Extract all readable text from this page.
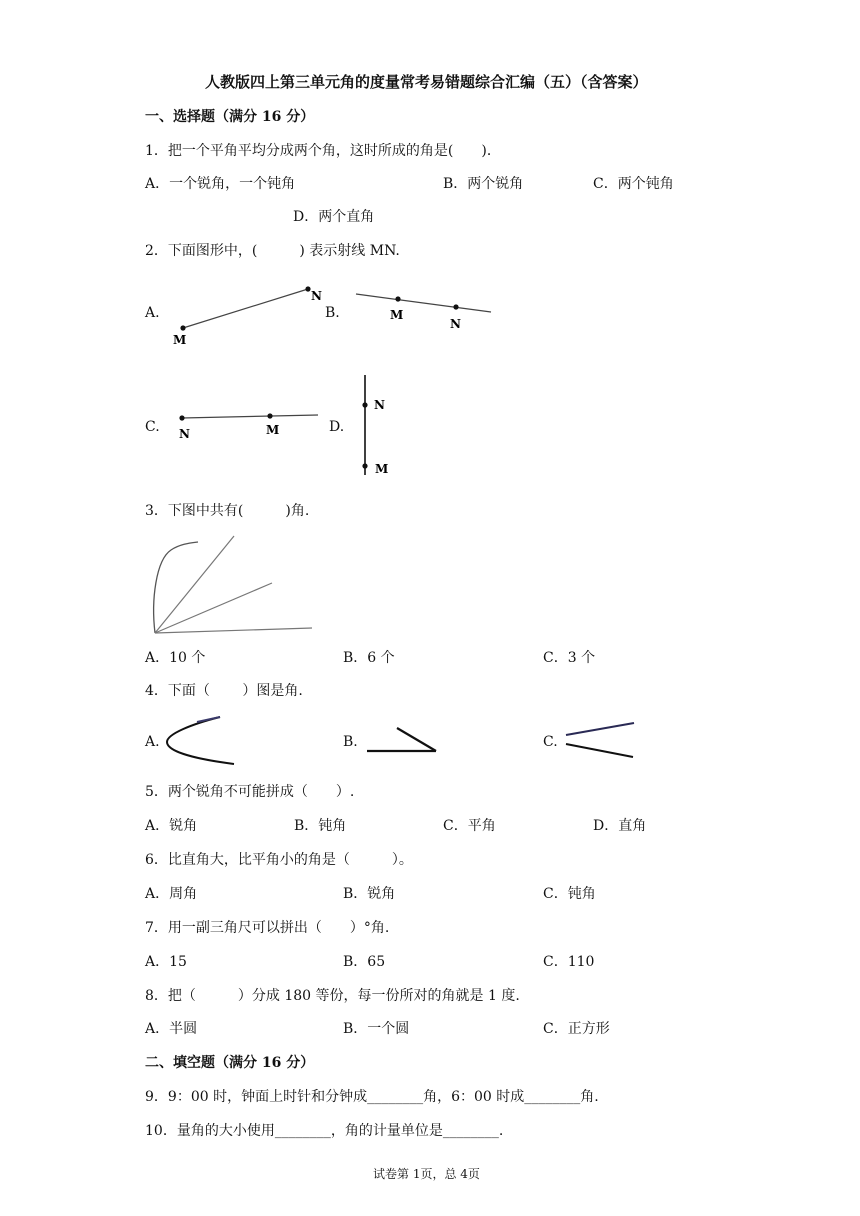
人教版四上第三单元角的度量常考易错题综合汇编（五）（含答案）
一、选择题（满分 16 分）
1．把一个平角平均分成两个角，这时所成的角是(　　)．
A．一个锐角，一个钝角	B．两个锐角	C．两个钝角
D．两个直角
2．下面图形中，(　　　) 表示射线 MN.
A.
M
N
B.	M
N
C. N	M	D.
N
M
3．下图中共有(　　　)角.
A．10 个	B．6 个	C．3 个
4．下面（　　 ）图是角.
A.	B.	C.
5．两个锐角不可能拼成（　　）.
A．锐角	B．钝角	C．平角	D．直角
6．比直角大，比平角小的角是（　　　）。
A．周角	B．锐角	C．钝角
7．用一副三角尺可以拼出（　　）°角.
A．15	B．65	C．110
8．把（　　　）分成 180 等份，每一份所对的角就是 1 度.
A．半圆	B．一个圆	C．正方形
二、填空题（满分 16 分）
9．9：00 时，钟面上时针和分钟成________角，6：00 时成________角.
10．量角的大小使用________，角的计量单位是________.
试卷第 1页，总 4页
